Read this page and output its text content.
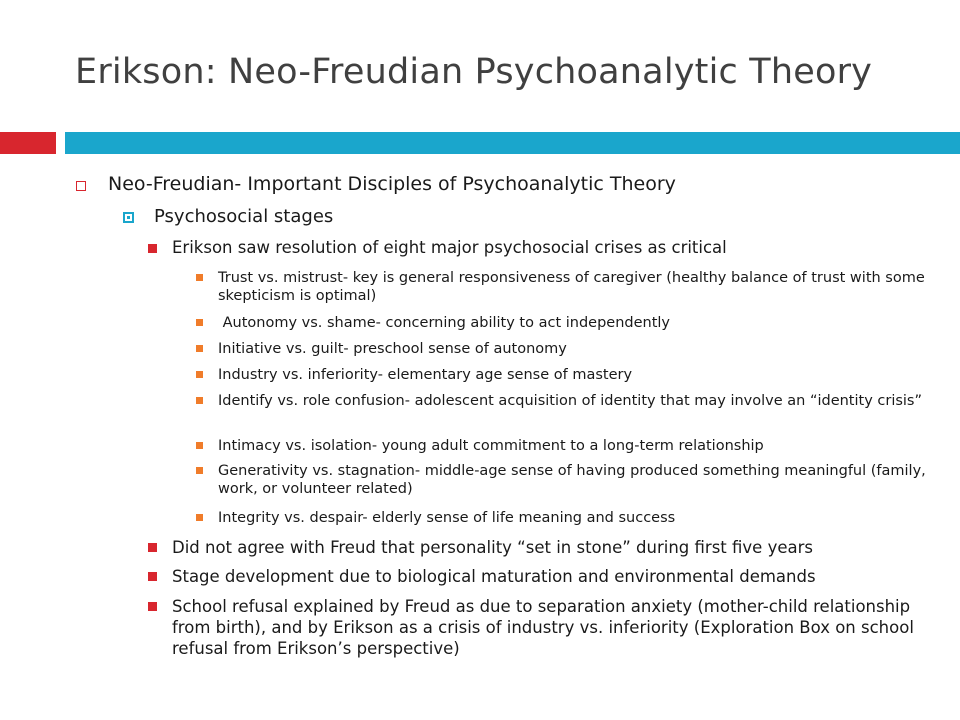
Erikson: Neo-Freudian Psychoanalytic Theory
Neo-Freudian- Important Disciples of Psychoanalytic Theory
Psychosocial stages
Erikson saw resolution of eight major psychosocial crises as critical
Trust vs. mistrust- key is general responsiveness of caregiver (healthy balance of trust with some skepticism is optimal)
Autonomy vs. shame- concerning ability to act independently
Initiative vs. guilt- preschool sense of autonomy
Industry vs. inferiority- elementary age sense of mastery
Identify vs. role confusion- adolescent acquisition of identity that may involve an “identity crisis”
Intimacy vs. isolation- young adult commitment to a long-term relationship
Generativity vs. stagnation- middle-age sense of having produced something meaningful (family, work, or volunteer related)
Integrity vs. despair- elderly sense of life meaning and success
Did not agree with Freud that personality “set in stone” during first five years
Stage development due to biological maturation and environmental demands
School refusal explained by Freud as due to separation anxiety (mother-child relationship from birth), and by Erikson as a crisis of industry vs. inferiority (Exploration Box on school refusal from Erikson’s perspective)
